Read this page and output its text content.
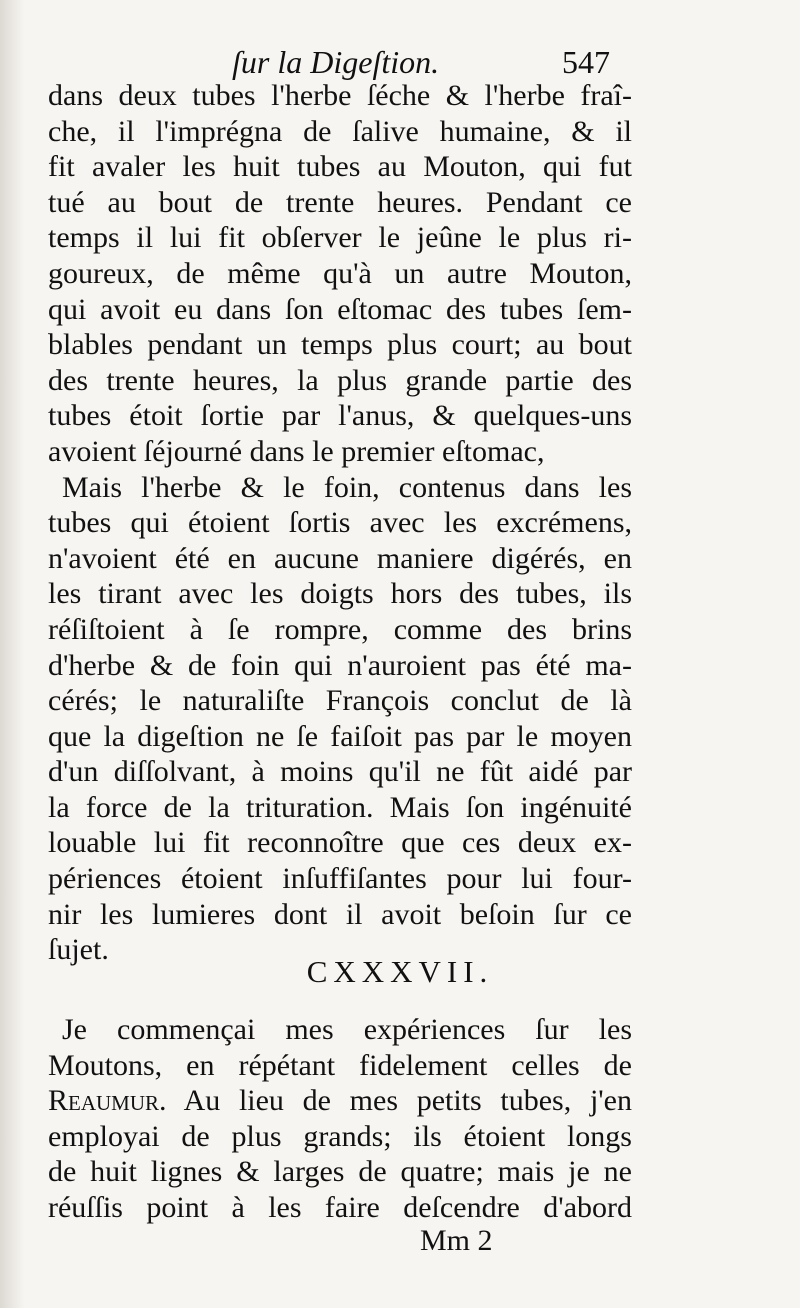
ſur la Digeſtion.	547
dans deux tubes l'herbe ſéche & l'herbe fraî-
che, il l'imprégna de ſalive humaine, & il
fit avaler les huit tubes au Mouton, qui fut
tué au bout de trente heures. Pendant ce
temps il lui fit obſerver le jeûne le plus ri-
goureux, de même qu'à un autre Mouton,
qui avoit eu dans ſon eſtomac des tubes ſem-
blables pendant un temps plus court; au bout
des trente heures, la plus grande partie des
tubes étoit ſortie par l'anus, & quelques-uns
avoient ſéjourné dans le premier eſtomac,
Mais l'herbe & le foin, contenus dans les
tubes qui étoient ſortis avec les excrémens,
n'avoient été en aucune maniere digérés, en
les tirant avec les doigts hors des tubes, ils
réſiſtoient à ſe rompre, comme des brins
d'herbe & de foin qui n'auroient pas été ma-
cérés; le naturaliſte François conclut de là
que la digeſtion ne ſe faiſoit pas par le moyen
d'un diſſolvant, à moins qu'il ne fût aidé par
la force de la trituration. Mais ſon ingénuité
louable lui fit reconnoître que ces deux ex-
périences étoient inſuffiſantes pour lui four-
nir les lumieres dont il avoit beſoin ſur ce
ſujet.
CXXXVII.
Je commençai mes expériences ſur les
Moutons, en répétant fidelement celles de
Reaumur. Au lieu de mes petits tubes, j'en
employai de plus grands; ils étoient longs
de huit lignes & larges de quatre; mais je ne
réuſſis point à les faire deſcendre d'abord
Mm 2
